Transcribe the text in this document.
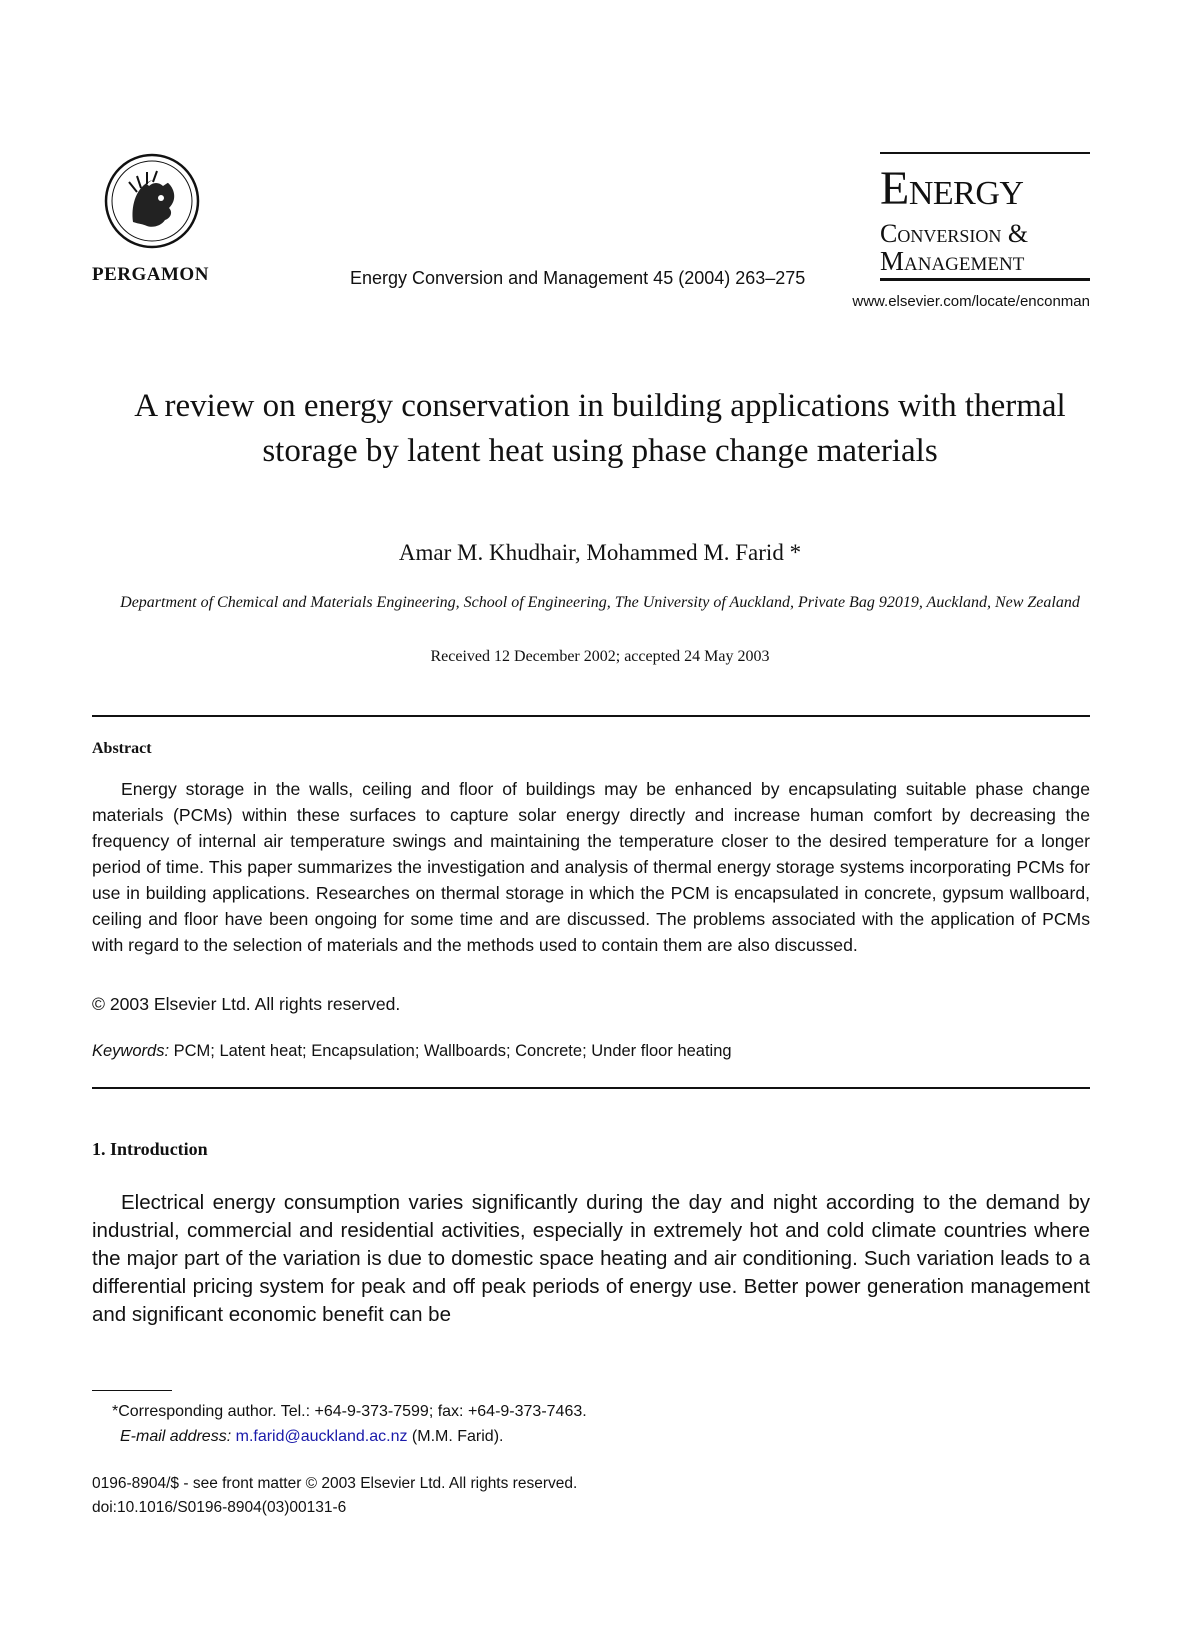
PERGAMON	Energy Conversion and Management 45 (2004) 263–275
Energy
Conversion &
Management
www.elsevier.com/locate/enconman
A review on energy conservation in building applications with thermal storage by latent heat using phase change materials
Amar M. Khudhair, Mohammed M. Farid *
Department of Chemical and Materials Engineering, School of Engineering, The University of Auckland, Private Bag 92019, Auckland, New Zealand
Received 12 December 2002; accepted 24 May 2003
Abstract
Energy storage in the walls, ceiling and floor of buildings may be enhanced by encapsulating suitable phase change materials (PCMs) within these surfaces to capture solar energy directly and increase human comfort by decreasing the frequency of internal air temperature swings and maintaining the temperature closer to the desired temperature for a longer period of time. This paper summarizes the investigation and analysis of thermal energy storage systems incorporating PCMs for use in building applications. Researches on thermal storage in which the PCM is encapsulated in concrete, gypsum wallboard, ceiling and floor have been ongoing for some time and are discussed. The problems associated with the application of PCMs with regard to the selection of materials and the methods used to contain them are also discussed.
© 2003 Elsevier Ltd. All rights reserved.
Keywords: PCM; Latent heat; Encapsulation; Wallboards; Concrete; Under floor heating
1. Introduction
Electrical energy consumption varies significantly during the day and night according to the demand by industrial, commercial and residential activities, especially in extremely hot and cold climate countries where the major part of the variation is due to domestic space heating and air conditioning. Such variation leads to a differential pricing system for peak and off peak periods of energy use. Better power generation management and significant economic benefit can be
*Corresponding author. Tel.: +64-9-373-7599; fax: +64-9-373-7463.
E-mail address: m.farid@auckland.ac.nz (M.M. Farid).
0196-8904/$ - see front matter © 2003 Elsevier Ltd. All rights reserved.
doi:10.1016/S0196-8904(03)00131-6
